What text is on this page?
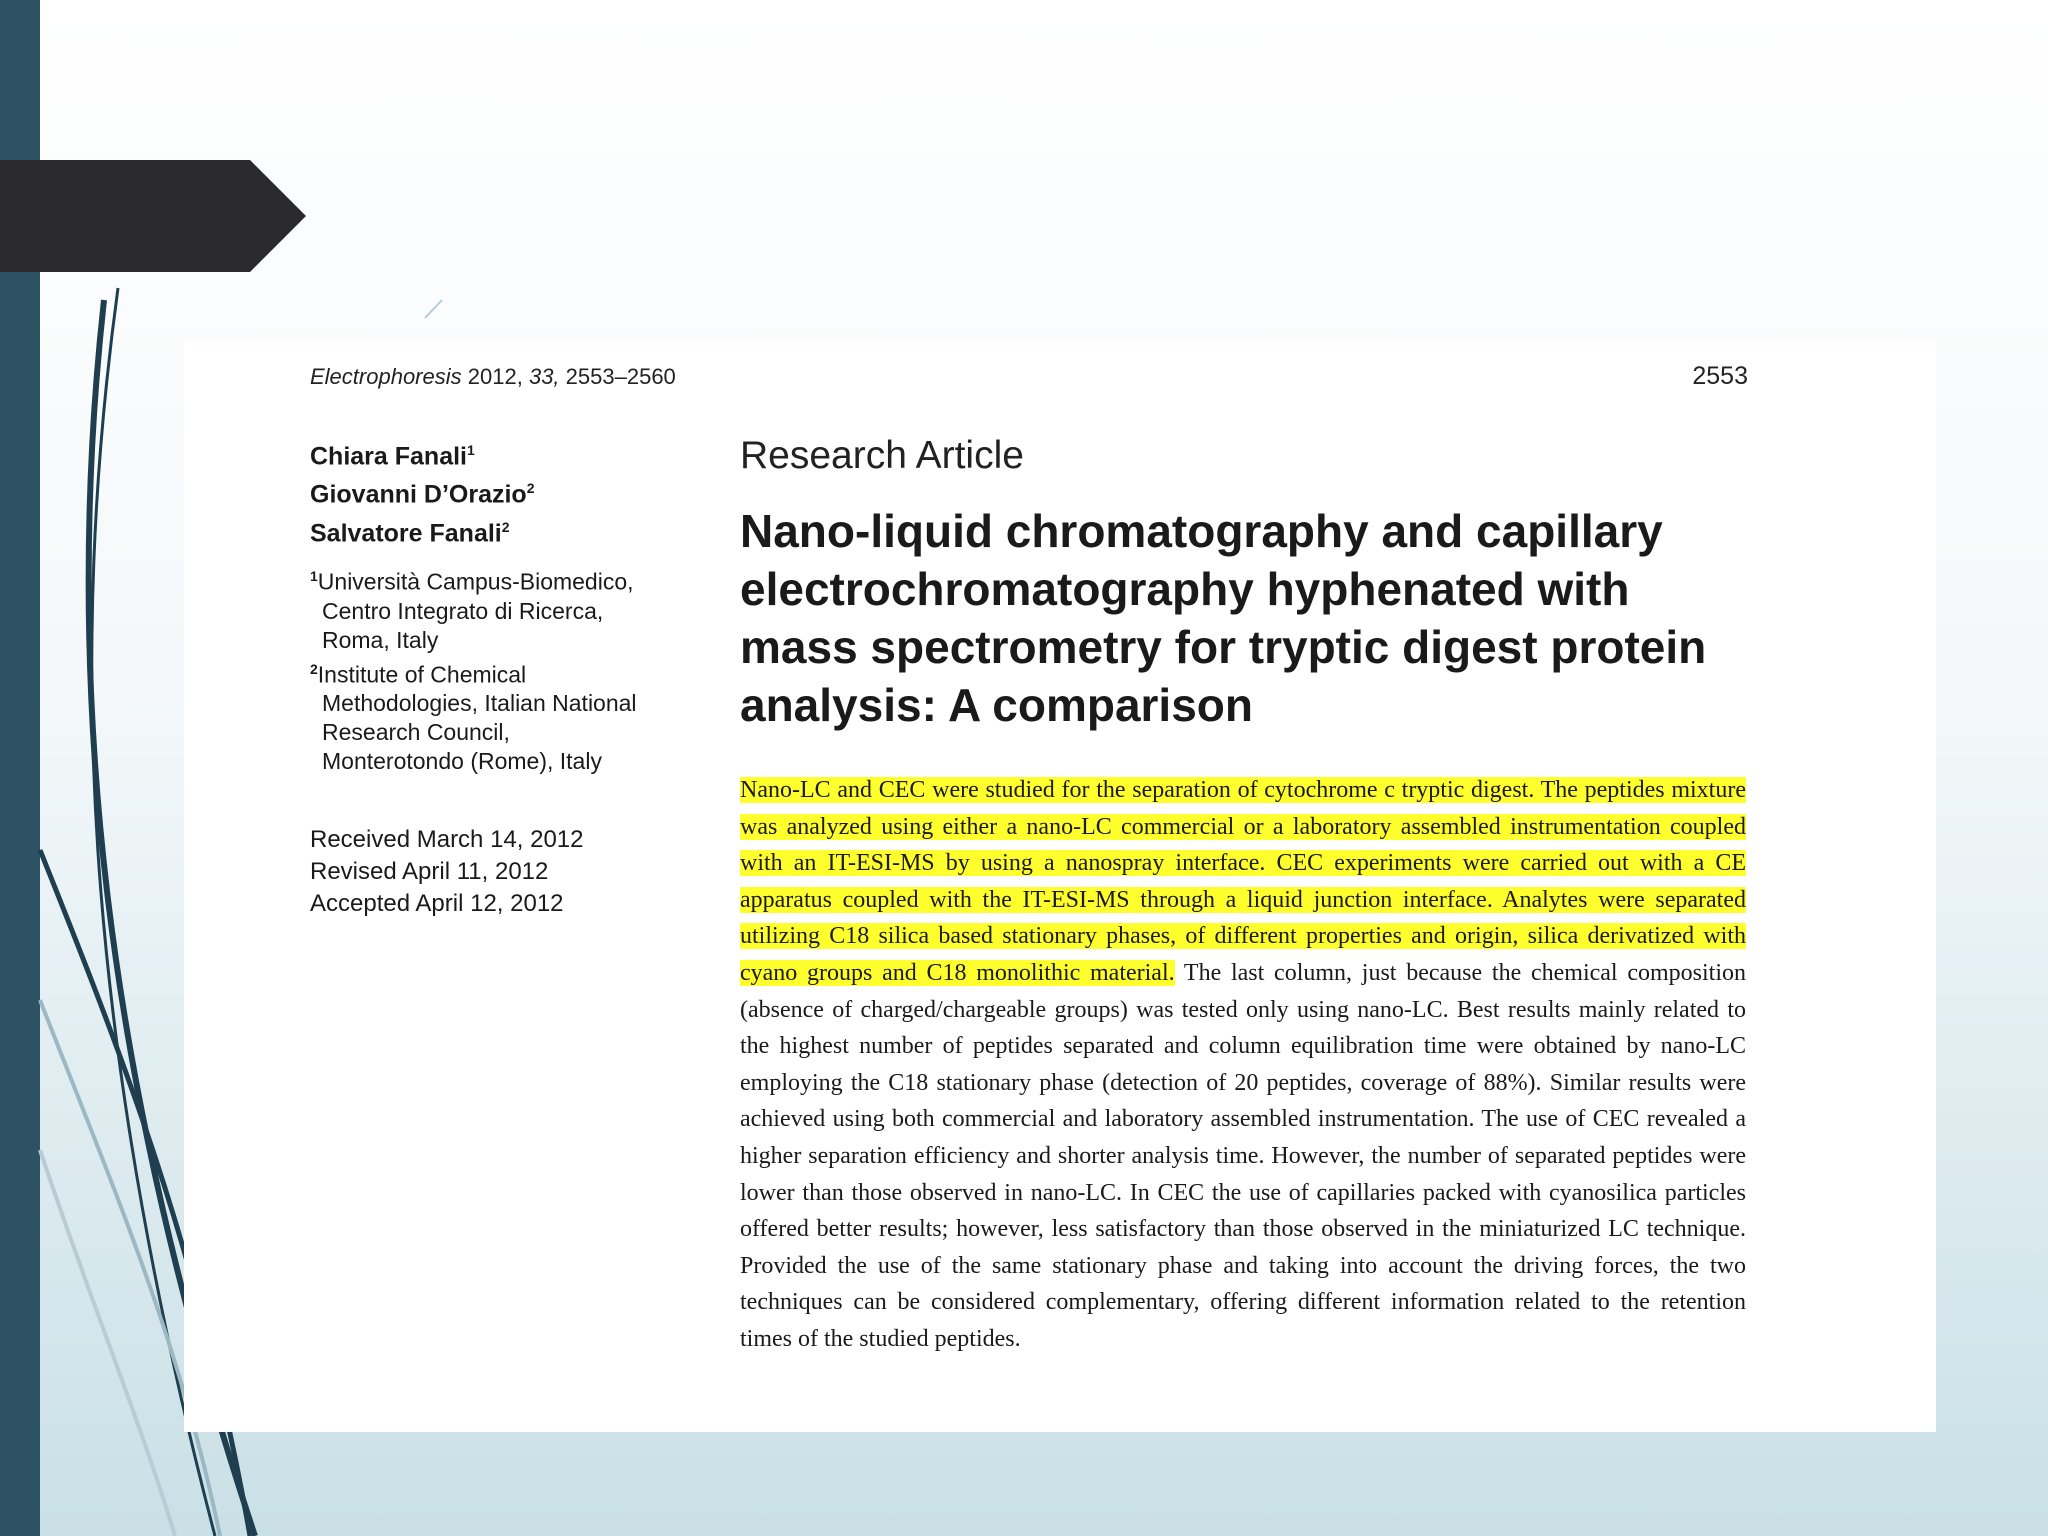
Electrophoresis 2012, 33, 2553–2560	2553
Chiara Fanali$^1$
Giovanni D’Orazio$^2$
Salvatore Fanali$^2$
$^1$Università Campus-Biomedico,
Centro Integrato di Ricerca,
Roma, Italy
$^2$Institute of Chemical
Methodologies, Italian National
Research Council,
Monterotondo (Rome), Italy
Received March 14, 2012
Revised April 11, 2012
Accepted April 12, 2012
Research Article
Nano-liquid chromatography and capillary electrochromatography hyphenated with mass spectrometry for tryptic digest protein analysis: A comparison
Nano-LC and CEC were studied for the separation of cytochrome c tryptic digest. The peptides mixture was analyzed using either a nano-LC commercial or a laboratory assembled instrumentation coupled with an IT-ESI-MS by using a nanospray interface. CEC experiments were carried out with a CE apparatus coupled with the IT-ESI-MS through a liquid junction interface. Analytes were separated utilizing C18 silica based stationary phases, of different properties and origin, silica derivatized with cyano groups and C18 monolithic material. The last column, just because the chemical composition (absence of charged/chargeable groups) was tested only using nano-LC. Best results mainly related to the highest number of peptides separated and column equilibration time were obtained by nano-LC employing the C18 stationary phase (detection of 20 peptides, coverage of 88%). Similar results were achieved using both commercial and laboratory assembled instrumentation. The use of CEC revealed a higher separation efficiency and shorter analysis time. However, the number of separated peptides were lower than those observed in nano-LC. In CEC the use of capillaries packed with cyanosilica particles offered better results; however, less satisfactory than those observed in the miniaturized LC technique. Provided the use of the same stationary phase and taking into account the driving forces, the two techniques can be considered complementary, offering different information related to the retention times of the studied peptides.
